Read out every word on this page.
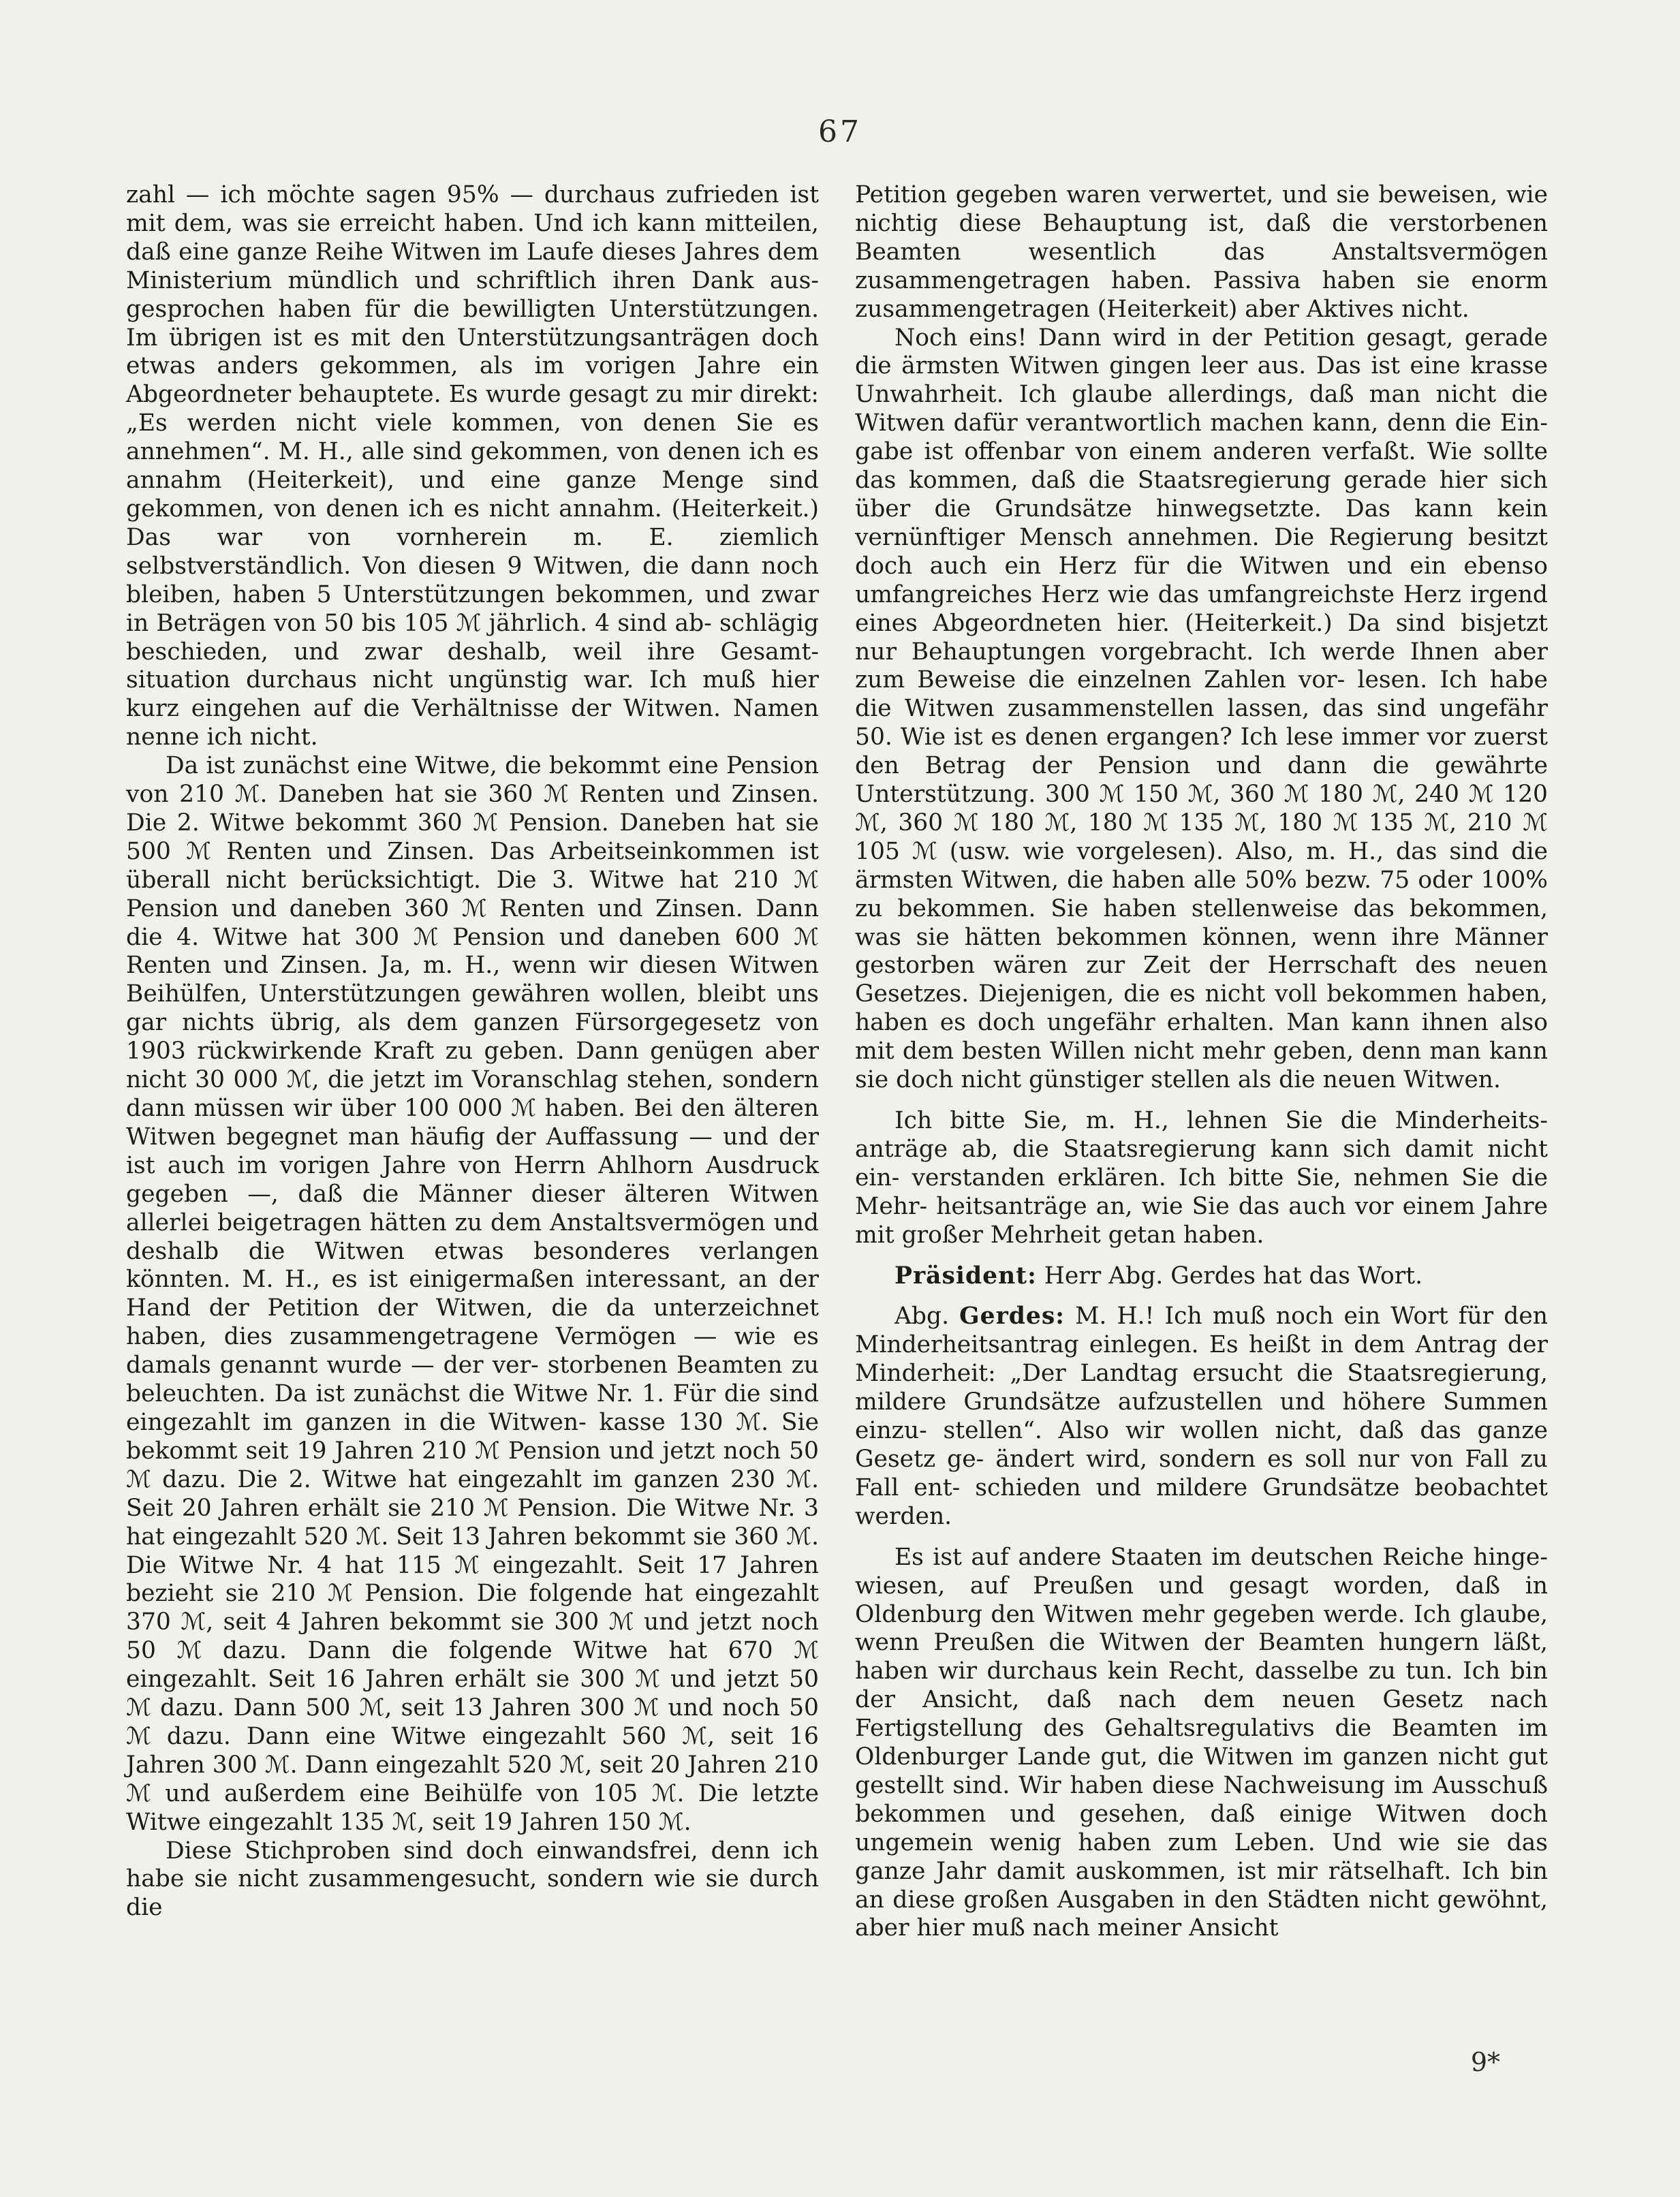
67

zahl — ich möchte sagen 95% — durchaus zufrieden ist mit dem, was sie erreicht haben. Und ich kann mitteilen, daß eine ganze Reihe Witwen im Laufe dieses Jahres dem Ministerium mündlich und schriftlich ihren Dank aus- gesprochen haben für die bewilligten Unterstützungen. Im übrigen ist es mit den Unterstützungsanträgen doch etwas anders gekommen, als im vorigen Jahre ein Abgeordneter behauptete. Es wurde gesagt zu mir direkt: „Es werden nicht viele kommen, von denen Sie es annehmen“. M. H., alle sind gekommen, von denen ich es annahm (Heiterkeit), und eine ganze Menge sind gekommen, von denen ich es nicht annahm. (Heiterkeit.) Das war von vornherein m. E. ziemlich selbstverständlich. Von diesen 9 Witwen, die dann noch bleiben, haben 5 Unterstützungen bekommen, und zwar in Beträgen von 50 bis 105 ℳ jährlich. 4 sind ab- schlägig beschieden, und zwar deshalb, weil ihre Gesamt- situation durchaus nicht ungünstig war. Ich muß hier kurz eingehen auf die Verhältnisse der Witwen. Namen nenne ich nicht.

Da ist zunächst eine Witwe, die bekommt eine Pension von 210 ℳ. Daneben hat sie 360 ℳ Renten und Zinsen. Die 2. Witwe bekommt 360 ℳ Pension. Daneben hat sie 500 ℳ Renten und Zinsen. Das Arbeitseinkommen ist überall nicht berücksichtigt. Die 3. Witwe hat 210 ℳ Pension und daneben 360 ℳ Renten und Zinsen. Dann die 4. Witwe hat 300 ℳ Pension und daneben 600 ℳ Renten und Zinsen. Ja, m. H., wenn wir diesen Witwen Beihülfen, Unterstützungen gewähren wollen, bleibt uns gar nichts übrig, als dem ganzen Fürsorgegesetz von 1903 rückwirkende Kraft zu geben. Dann genügen aber nicht 30 000 ℳ, die jetzt im Voranschlag stehen, sondern dann müssen wir über 100 000 ℳ haben. Bei den älteren Witwen begegnet man häufig der Auffassung — und der ist auch im vorigen Jahre von Herrn Ahlhorn Ausdruck gegeben —, daß die Männer dieser älteren Witwen allerlei beigetragen hätten zu dem Anstaltsvermögen und deshalb die Witwen etwas besonderes verlangen könnten. M. H., es ist einigermaßen interessant, an der Hand der Petition der Witwen, die da unterzeichnet haben, dies zusammengetragene Vermögen — wie es damals genannt wurde — der ver- storbenen Beamten zu beleuchten. Da ist zunächst die Witwe Nr. 1. Für die sind eingezahlt im ganzen in die Witwen- kasse 130 ℳ. Sie bekommt seit 19 Jahren 210 ℳ Pension und jetzt noch 50 ℳ dazu. Die 2. Witwe hat eingezahlt im ganzen 230 ℳ. Seit 20 Jahren erhält sie 210 ℳ Pension. Die Witwe Nr. 3 hat eingezahlt 520 ℳ. Seit 13 Jahren bekommt sie 360 ℳ. Die Witwe Nr. 4 hat 115 ℳ eingezahlt. Seit 17 Jahren bezieht sie 210 ℳ Pension. Die folgende hat eingezahlt 370 ℳ, seit 4 Jahren bekommt sie 300 ℳ und jetzt noch 50 ℳ dazu. Dann die folgende Witwe hat 670 ℳ eingezahlt. Seit 16 Jahren erhält sie 300 ℳ und jetzt 50 ℳ dazu. Dann 500 ℳ, seit 13 Jahren 300 ℳ und noch 50 ℳ dazu. Dann eine Witwe eingezahlt 560 ℳ, seit 16 Jahren 300 ℳ. Dann eingezahlt 520 ℳ, seit 20 Jahren 210 ℳ und außerdem eine Beihülfe von 105 ℳ. Die letzte Witwe eingezahlt 135 ℳ, seit 19 Jahren 150 ℳ.

Diese Stichproben sind doch einwandsfrei, denn ich habe sie nicht zusammengesucht, sondern wie sie durch die

Petition gegeben waren verwertet, und sie beweisen, wie nichtig diese Behauptung ist, daß die verstorbenen Beamten wesentlich das Anstaltsvermögen zusammengetragen haben. Passiva haben sie enorm zusammengetragen (Heiterkeit) aber Aktives nicht.

Noch eins! Dann wird in der Petition gesagt, gerade die ärmsten Witwen gingen leer aus. Das ist eine krasse Unwahrheit. Ich glaube allerdings, daß man nicht die Witwen dafür verantwortlich machen kann, denn die Ein- gabe ist offenbar von einem anderen verfaßt. Wie sollte das kommen, daß die Staatsregierung gerade hier sich über die Grundsätze hinwegsetzte. Das kann kein vernünftiger Mensch annehmen. Die Regierung besitzt doch auch ein Herz für die Witwen und ein ebenso umfangreiches Herz wie das umfangreichste Herz irgend eines Abgeordneten hier. (Heiterkeit.) Da sind bisjetzt nur Behauptungen vorgebracht. Ich werde Ihnen aber zum Beweise die einzelnen Zahlen vor- lesen. Ich habe die Witwen zusammenstellen lassen, das sind ungefähr 50. Wie ist es denen ergangen? Ich lese immer vor zuerst den Betrag der Pension und dann die gewährte Unterstützung. 300 ℳ 150 ℳ, 360 ℳ 180 ℳ, 240 ℳ 120 ℳ, 360 ℳ 180 ℳ, 180 ℳ 135 ℳ, 180 ℳ 135 ℳ, 210 ℳ 105 ℳ (usw. wie vorgelesen). Also, m. H., das sind die ärmsten Witwen, die haben alle 50% bezw. 75 oder 100% zu bekommen. Sie haben stellenweise das bekommen, was sie hätten bekommen können, wenn ihre Männer gestorben wären zur Zeit der Herrschaft des neuen Gesetzes. Diejenigen, die es nicht voll bekommen haben, haben es doch ungefähr erhalten. Man kann ihnen also mit dem besten Willen nicht mehr geben, denn man kann sie doch nicht günstiger stellen als die neuen Witwen.

Ich bitte Sie, m. H., lehnen Sie die Minderheits- anträge ab, die Staatsregierung kann sich damit nicht ein- verstanden erklären. Ich bitte Sie, nehmen Sie die Mehr- heitsanträge an, wie Sie das auch vor einem Jahre mit großer Mehrheit getan haben.

Präsident: Herr Abg. Gerdes hat das Wort.

Abg. Gerdes: M. H.! Ich muß noch ein Wort für den Minderheitsantrag einlegen. Es heißt in dem Antrag der Minderheit: „Der Landtag ersucht die Staatsregierung, mildere Grundsätze aufzustellen und höhere Summen einzu- stellen“. Also wir wollen nicht, daß das ganze Gesetz ge- ändert wird, sondern es soll nur von Fall zu Fall ent- schieden und mildere Grundsätze beobachtet werden.

Es ist auf andere Staaten im deutschen Reiche hinge- wiesen, auf Preußen und gesagt worden, daß in Oldenburg den Witwen mehr gegeben werde. Ich glaube, wenn Preußen die Witwen der Beamten hungern läßt, haben wir durchaus kein Recht, dasselbe zu tun. Ich bin der Ansicht, daß nach dem neuen Gesetz nach Fertigstellung des Gehaltsregulativs die Beamten im Oldenburger Lande gut, die Witwen im ganzen nicht gut gestellt sind. Wir haben diese Nachweisung im Ausschuß bekommen und gesehen, daß einige Witwen doch ungemein wenig haben zum Leben. Und wie sie das ganze Jahr damit auskommen, ist mir rätselhaft. Ich bin an diese großen Ausgaben in den Städten nicht gewöhnt, aber hier muß nach meiner Ansicht

9*
